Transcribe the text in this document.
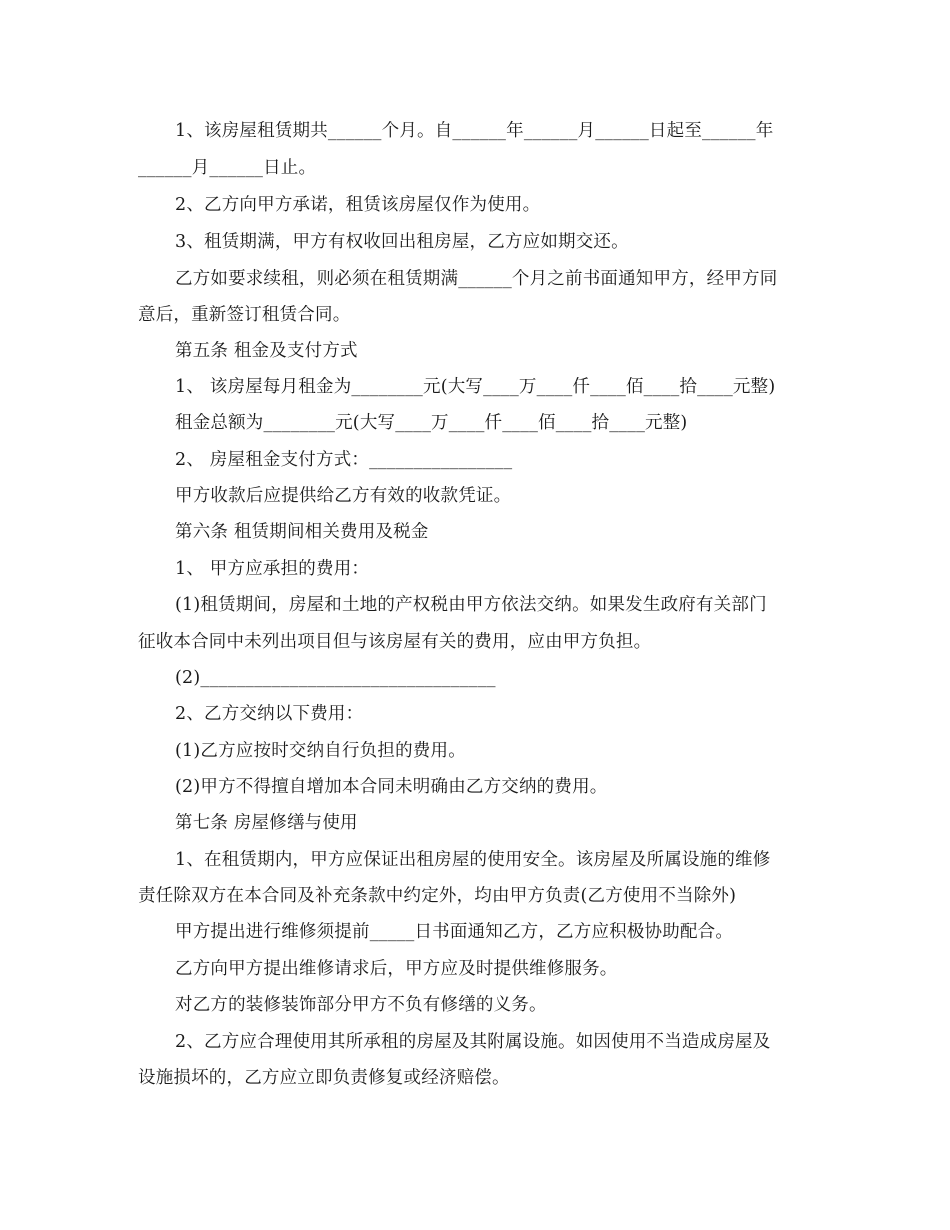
1、该房屋租赁期共______个月。自______年______月______日起至______年
______月______日止。
2、乙方向甲方承诺，租赁该房屋仅作为使用。
3、租赁期满，甲方有权收回出租房屋，乙方应如期交还。
乙方如要求续租，则必须在租赁期满______个月之前书面通知甲方，经甲方同
意后，重新签订租赁合同。
第五条 租金及支付方式
1、 该房屋每月租金为________元(大写____万____仟____佰____拾____元整)
租金总额为________元(大写____万____仟____佰____拾____元整)
2、 房屋租金支付方式：________________
甲方收款后应提供给乙方有效的收款凭证。
第六条 租赁期间相关费用及税金
1、 甲方应承担的费用：
(1)租赁期间，房屋和土地的产权税由甲方依法交纳。如果发生政府有关部门
征收本合同中未列出项目但与该房屋有关的费用，应由甲方负担。
(2)_________________________________
2、乙方交纳以下费用：
(1)乙方应按时交纳自行负担的费用。
(2)甲方不得擅自增加本合同未明确由乙方交纳的费用。
第七条 房屋修缮与使用
1、在租赁期内，甲方应保证出租房屋的使用安全。该房屋及所属设施的维修
责任除双方在本合同及补充条款中约定外，均由甲方负责(乙方使用不当除外)
甲方提出进行维修须提前_____日书面通知乙方，乙方应积极协助配合。
乙方向甲方提出维修请求后，甲方应及时提供维修服务。
对乙方的装修装饰部分甲方不负有修缮的义务。
2、乙方应合理使用其所承租的房屋及其附属设施。如因使用不当造成房屋及
设施损坏的，乙方应立即负责修复或经济赔偿。
